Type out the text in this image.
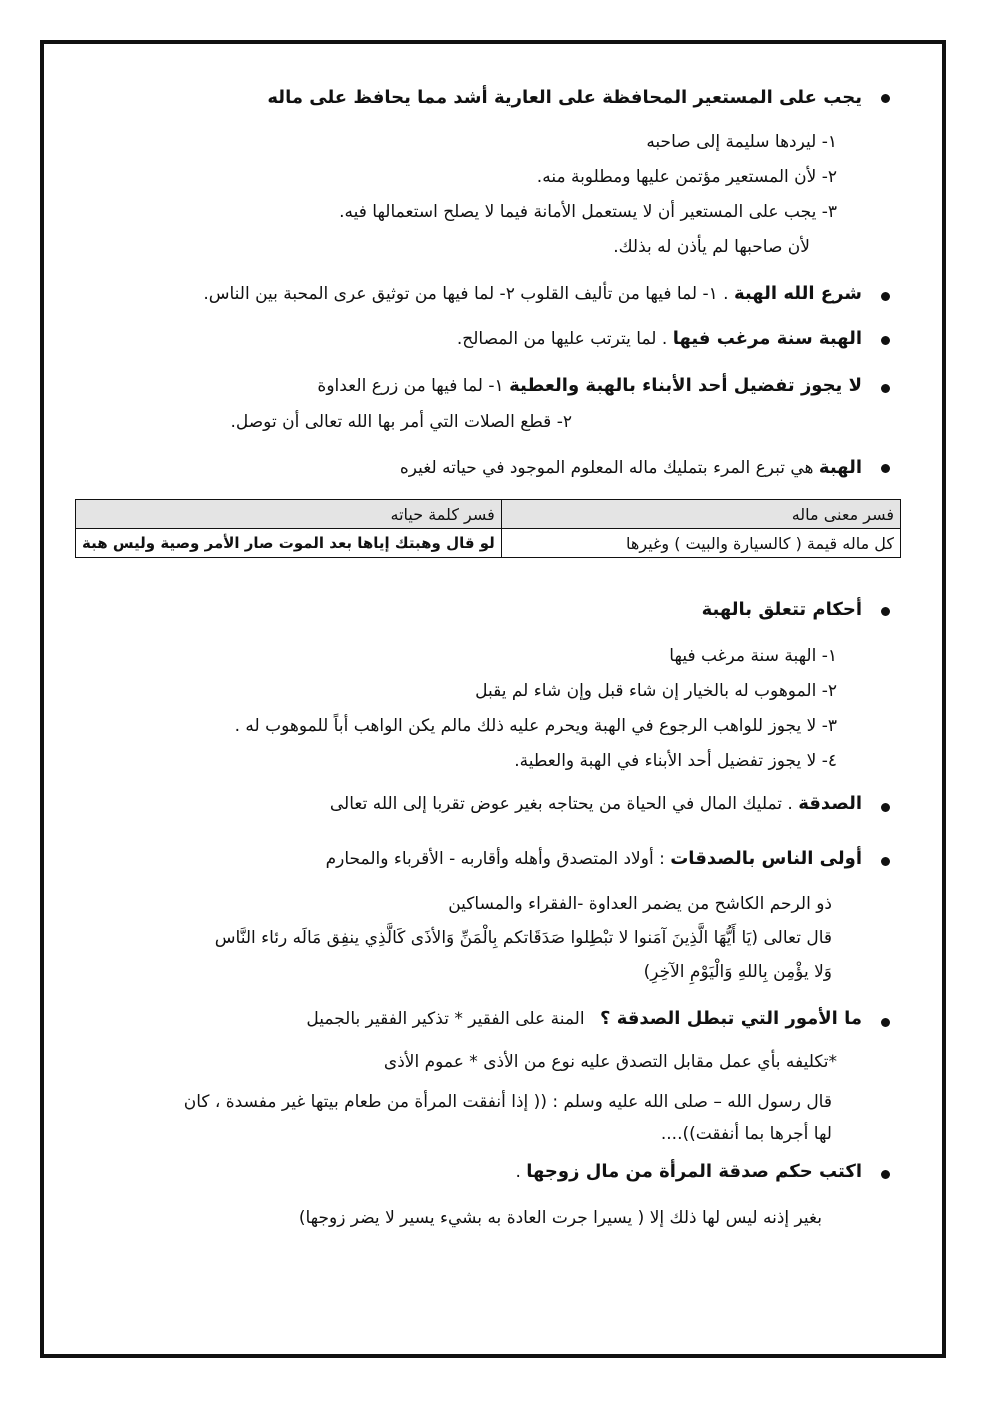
يجب على المستعير المحافظة على العارية أشد مما يحافظ على ماله
١- ليردها سليمة إلى صاحبه
٢- لأن المستعير مؤتمن عليها ومطلوبة منه.
٣- يجب على المستعير أن لا يستعمل الأمانة فيما لا يصلح استعمالها فيه.
لأن صاحبها لم يأذن له بذلك.
شرع الله الهبة . ١- لما فيها من تأليف القلوب ٢- لما فيها من توثيق عرى المحبة بين الناس.
الهبة سنة مرغب فيها . لما يترتب عليها من المصالح.
لا يجوز تفضيل أحد الأبناء بالهبة والعطية ١- لما فيها من زرع العداوة
٢- قطع الصلات التي أمر بها الله تعالى أن توصل.
الهبة هي تبرع المرء بتمليك ماله المعلوم الموجود في حياته لغيره
فسر معنى ماله	فسر كلمة حياته
كل ماله قيمة ( كالسيارة والبيت ) وغيرها	لو قال وهبتك إياها بعد الموت صار الأمر وصية وليس هبة
أحكام تتعلق بالهبة
١- الهبة سنة مرغب فيها
٢- الموهوب له بالخيار إن شاء قبل وإن شاء لم يقبل
٣- لا يجوز للواهب الرجوع في الهبة ويحرم عليه ذلك مالم يكن الواهب أباً للموهوب له .
٤- لا يجوز تفضيل أحد الأبناء في الهبة والعطية.
الصدقة . تمليك المال في الحياة من يحتاجه بغير عوض تقربا إلى الله تعالى
أولى الناس بالصدقات : أولاد المتصدق وأهله وأقاربه - الأقرباء والمحارم
ذو الرحم الكاشح من يضمر العداوة -الفقراء والمساكين
قال تعالى (يَا أَيُّهَا الَّذِينَ آمَنوا لا تبْطِلوا صَدَقَاتكم بِالْمَنِّ وَالأذَى كَالَّذِي ينفِق مَالَه رئاء النَّاس
وَلا يؤْمِن بِاللهِ وَالْيَوْمِ الآخِرِ)
ما الأمور التي تبطل الصدقة ؟ المنة على الفقير * تذكير الفقير بالجميل
*تكليفه بأي عمل مقابل التصدق عليه نوع من الأذى * عموم الأذى
قال رسول الله – صلى الله عليه وسلم : (( إذا أنفقت المرأة من طعام بيتها غير مفسدة ، كان
لها أجرها بما أنفقت))....
اكتب حكم صدقة المرأة من مال زوجها .
بغير إذنه ليس لها ذلك إلا ( يسيرا جرت العادة به بشيء يسير لا يضر زوجها)
